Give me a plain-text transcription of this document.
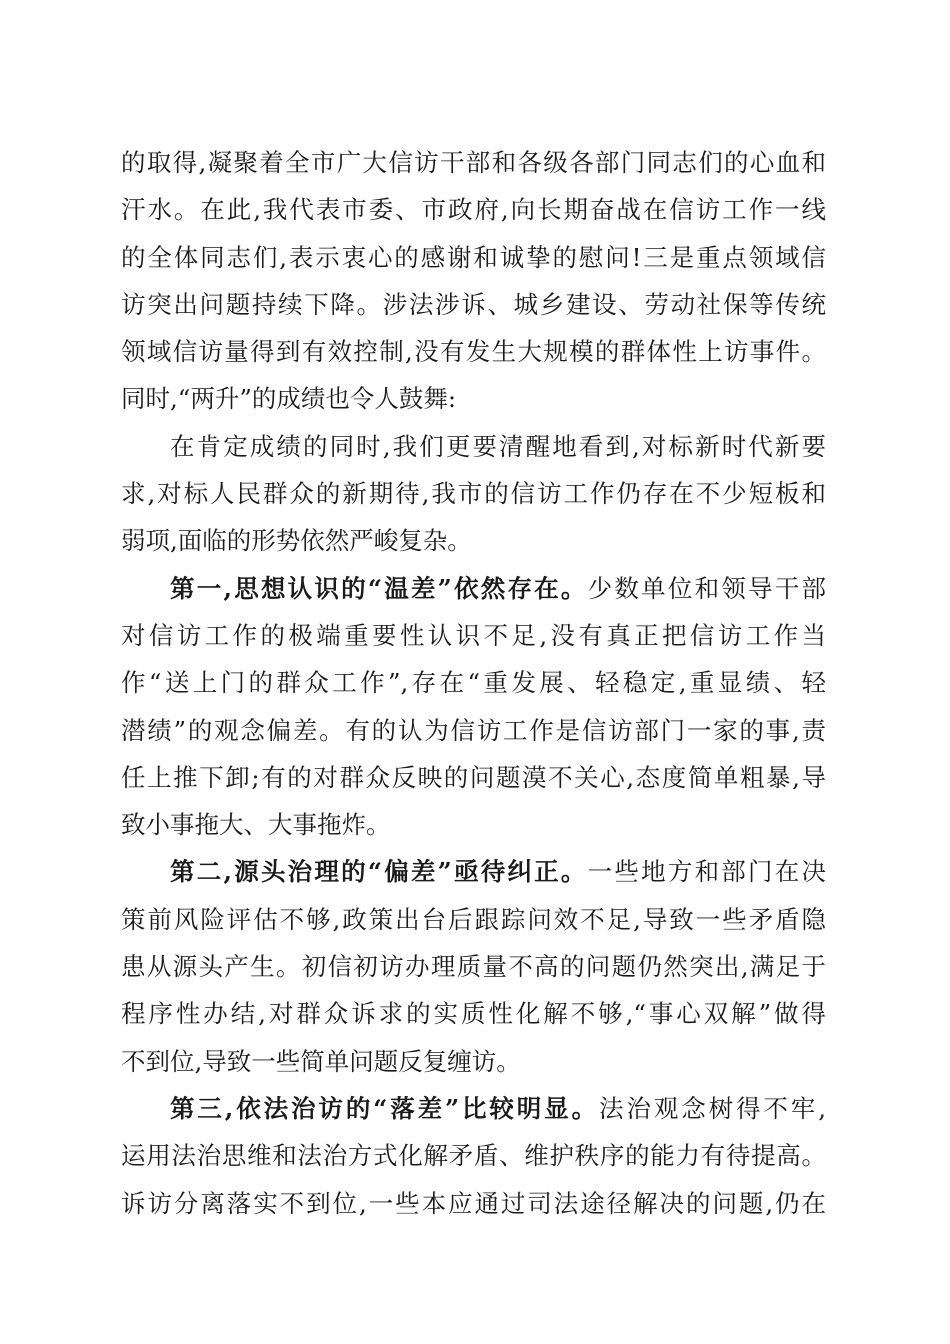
的取得,凝聚着全市广大信访干部和各级各部门同志们的心血和
汗水。在此,我代表市委、市政府,向长期奋战在信访工作一线
的全体同志们,表示衷心的感谢和诚挚的慰问!三是重点领域信
访突出问题持续下降。涉法涉诉、城乡建设、劳动社保等传统
领域信访量得到有效控制,没有发生大规模的群体性上访事件。
同时,“两升”的成绩也令人鼓舞:
在肯定成绩的同时,我们更要清醒地看到,对标新时代新要
求,对标人民群众的新期待,我市的信访工作仍存在不少短板和
弱项,面临的形势依然严峻复杂。
第一,思想认识的“温差”依然存在。少数单位和领导干部
对信访工作的极端重要性认识不足,没有真正把信访工作当
作“送上门的群众工作”,存在“重发展、轻稳定,重显绩、轻
潜绩”的观念偏差。有的认为信访工作是信访部门一家的事,责
任上推下卸;有的对群众反映的问题漠不关心,态度简单粗暴,导
致小事拖大、大事拖炸。
第二,源头治理的“偏差”亟待纠正。一些地方和部门在决
策前风险评估不够,政策出台后跟踪问效不足,导致一些矛盾隐
患从源头产生。初信初访办理质量不高的问题仍然突出,满足于
程序性办结,对群众诉求的实质性化解不够,“事心双解”做得
不到位,导致一些简单问题反复缠访。
第三,依法治访的“落差”比较明显。法治观念树得不牢,
运用法治思维和法治方式化解矛盾、维护秩序的能力有待提高。
诉访分离落实不到位,一些本应通过司法途径解决的问题,仍在
